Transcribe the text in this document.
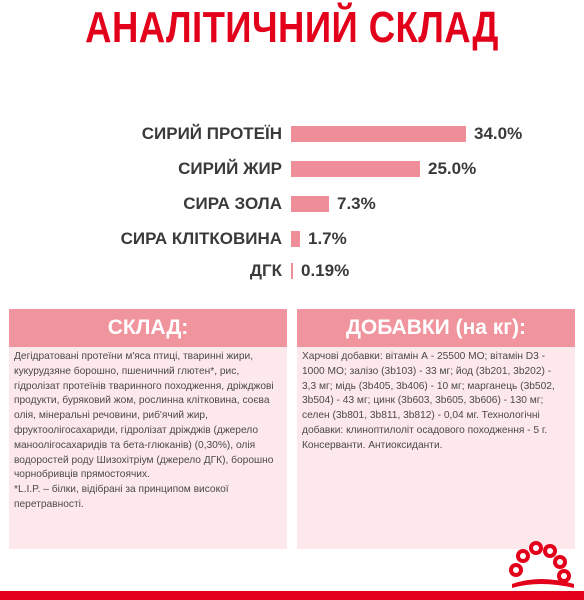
АНАЛІТИЧНИЙ СКЛАД
СИРИЙ ПРОТЕЇН	34.0%
СИРИЙ ЖИР	25.0%
СИРА ЗОЛА	7.3%
СИРА КЛІТКОВИНА 1.7%
ДГК 0.19%
СКЛАД:
Дегідратовані протеїни м'яса птиці, тваринні жири, кукурудзяне борошно, пшеничний глютен*, рис, гідролізат протеїнів тваринного походження, дріжджові продукти, буряковий жом, рослинна клітковина, соєва олія, мінеральні речовини, риб'ячий жир, фруктоолігосахариди, гідролізат дріжджів (джерело маноолігосахаридів та бета-глюканів) (0,30%), олія водоростей роду Шизохітріум (джерело ДГК), борошно чорнобривців прямостоячих.
*L.I.P. – білки, відібрані за принципом високої перетравності.
ДОБАВКИ (на кг):
Харчові добавки: вітамін А - 25500 МО; вітамін D3 - 1000 МО; залізо (3b103) - 33 мг; йод (3b201, 3b202) - 3,3 мг; мідь (3b405, 3b406) - 10 мг; марганець (3b502, 3b504) - 43 мг; цинк (3b603, 3b605, 3b606) - 130 мг; селен (3b801, 3b811, 3b812) - 0,04 мг. Технологічні добавки: клиноптилоліт осадового походження - 5 г. Консерванти. Антиоксиданти.
